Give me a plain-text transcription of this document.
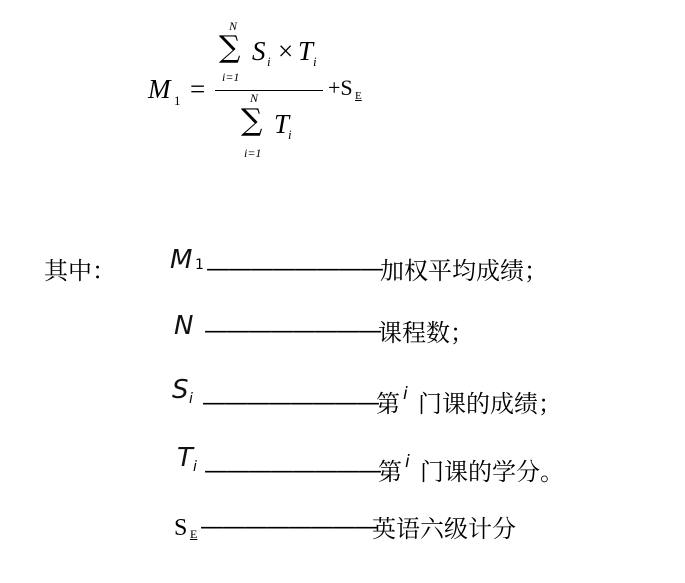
M 1 =
N
∑
i=1
S i × T i
N
∑
i=1
T
i
+S E
其中： M 1 ————————
加权平均成绩；
N ————————
课程数；
S i ————————
第 i 门课的成绩；
T i ————————
第 i 门课的学分。
S E ————————
英语六级计分
